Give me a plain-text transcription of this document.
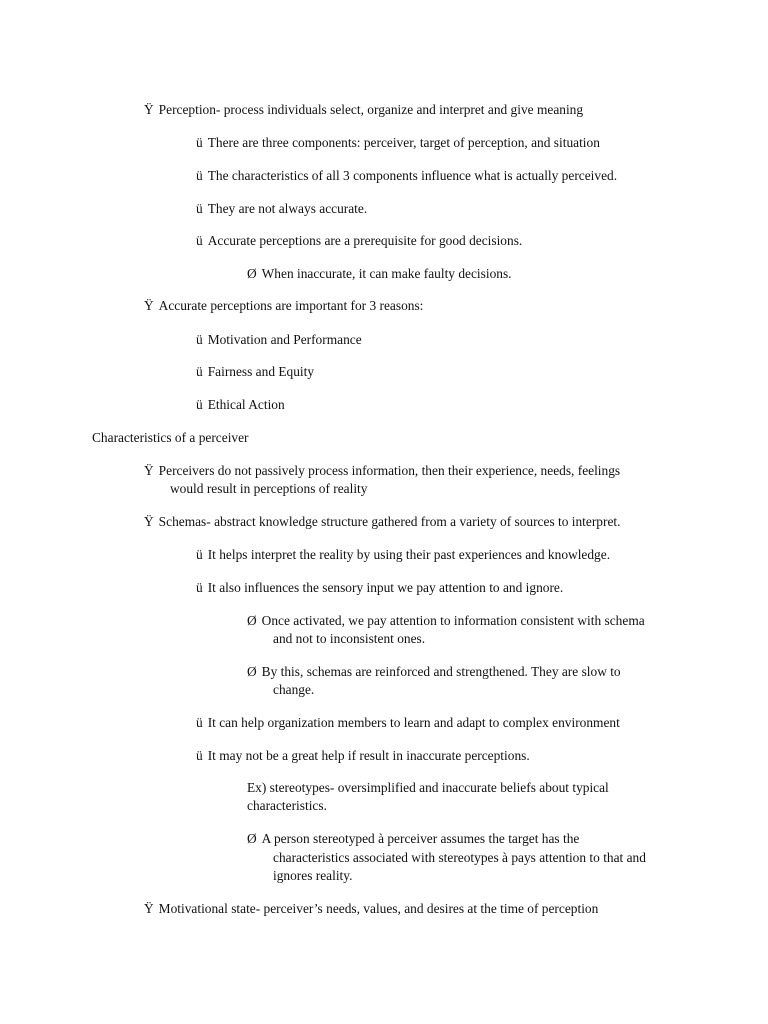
Ÿ Perception- process individuals select, organize and interpret and give meaning
ü There are three components: perceiver, target of perception, and situation
ü The characteristics of all 3 components influence what is actually perceived.
ü They are not always accurate.
ü Accurate perceptions are a prerequisite for good decisions.
Ø When inaccurate, it can make faulty decisions.
Ÿ Accurate perceptions are important for 3 reasons:
ü Motivation and Performance
ü Fairness and Equity
ü Ethical Action
Characteristics of a perceiver
Ÿ Perceivers do not passively process information, then their experience, needs, feelings
would result in perceptions of reality
Ÿ Schemas- abstract knowledge structure gathered from a variety of sources to interpret.
ü It helps interpret the reality by using their past experiences and knowledge.
ü It also influences the sensory input we pay attention to and ignore.
Ø Once activated, we pay attention to information consistent with schema
and not to inconsistent ones.
Ø By this, schemas are reinforced and strengthened. They are slow to
change.
ü It can help organization members to learn and adapt to complex environment
ü It may not be a great help if result in inaccurate perceptions.
Ex) stereotypes- oversimplified and inaccurate beliefs about typical
characteristics.
Ø A person stereotyped à perceiver assumes the target has the
characteristics associated with stereotypes à pays attention to that and
ignores reality.
Ÿ Motivational state- perceiver’s needs, values, and desires at the time of perception
